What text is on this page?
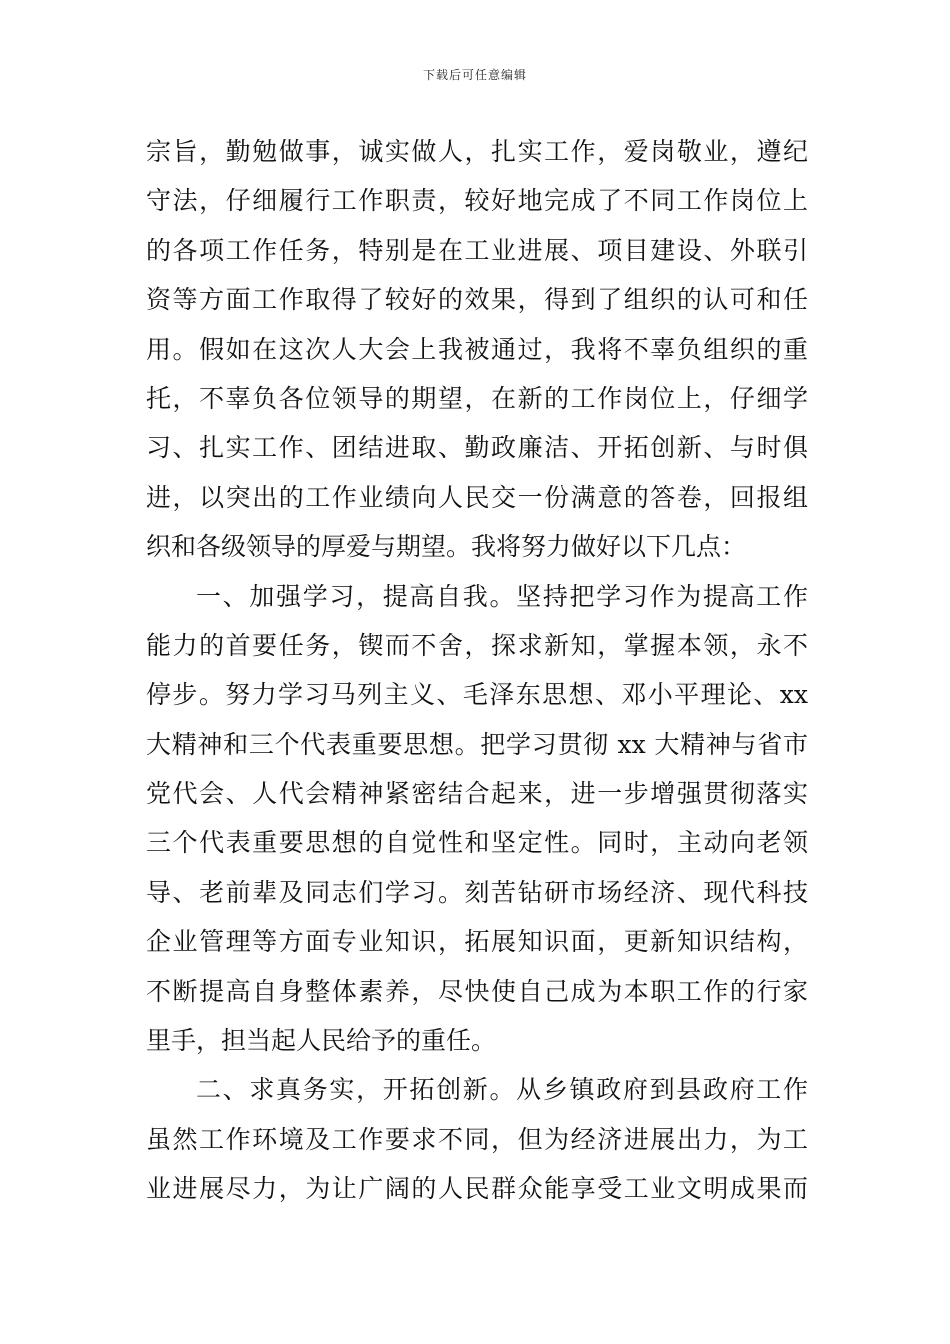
下载后可任意编辑
宗旨，勤勉做事，诚实做人，扎实工作，爱岗敬业，遵纪
守法，仔细履行工作职责，较好地完成了不同工作岗位上
的各项工作任务，特别是在工业进展、项目建设、外联引
资等方面工作取得了较好的效果，得到了组织的认可和任
用。假如在这次人大会上我被通过，我将不辜负组织的重
托，不辜负各位领导的期望，在新的工作岗位上，仔细学
习、扎实工作、团结进取、勤政廉洁、开拓创新、与时俱
进，以突出的工作业绩向人民交一份满意的答卷，回报组
织和各级领导的厚爱与期望。我将努力做好以下几点：
一、加强学习，提高自我。坚持把学习作为提高工作
能力的首要任务，锲而不舍，探求新知，掌握本领，永不
停步。努力学习马列主义、毛泽东思想、邓小平理论、xx
大精神和三个代表重要思想。把学习贯彻 xx 大精神与省市
党代会、人代会精神紧密结合起来，进一步增强贯彻落实
三个代表重要思想的自觉性和坚定性。同时，主动向老领
导、老前辈及同志们学习。刻苦钻研市场经济、现代科技
企业管理等方面专业知识，拓展知识面，更新知识结构，
不断提高自身整体素养，尽快使自己成为本职工作的行家
里手，担当起人民给予的重任。
二、求真务实，开拓创新。从乡镇政府到县政府工作
虽然工作环境及工作要求不同，但为经济进展出力，为工
业进展尽力，为让广阔的人民群众能享受工业文明成果而
